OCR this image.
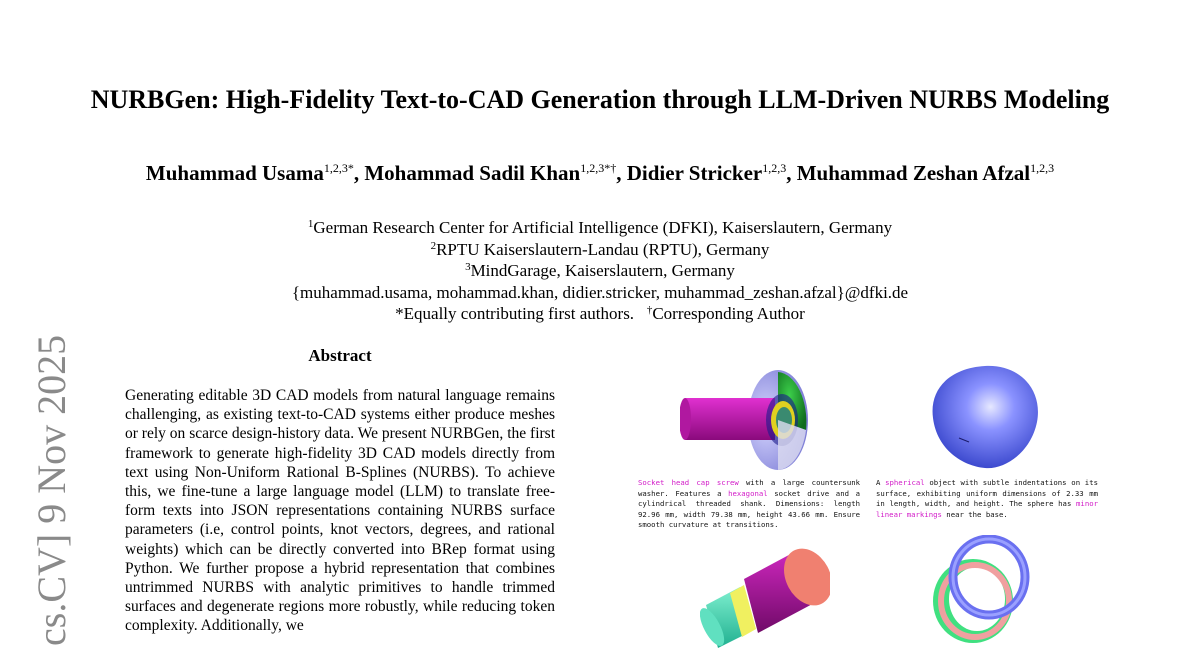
cs.CV] 9 Nov 2025
NURBGen: High-Fidelity Text-to-CAD Generation through LLM-Driven NURBS Modeling
Muhammad Usama$^{1,2,3*}$, Mohammad Sadil Khan$^{1,2,3*\dagger}$, Didier Stricker$^{1,2,3}$, Muhammad Zeshan Afzal$^{1,2,3}$
$^1$German Research Center for Artificial Intelligence (DFKI), Kaiserslautern, Germany
$^2$RPTU Kaiserslautern-Landau (RPTU), Germany
$^3$MindGarage, Kaiserslautern, Germany
{muhammad.usama, mohammad.khan, didier.stricker, muhammad_zeshan.afzal}@dfki.de
*Equally contributing first authors. †Corresponding Author
Abstract
Generating editable 3D CAD models from natural language remains challenging, as existing text-to-CAD systems either produce meshes or rely on scarce design-history data. We present NURBGen, the first framework to generate high-fidelity 3D CAD models directly from text using Non-Uniform Rational B-Splines (NURBS). To achieve this, we fine-tune a large language model (LLM) to translate free-form texts into JSON representations containing NURBS surface parameters (i.e, control points, knot vectors, degrees, and rational weights) which can be directly converted into BRep format using Python. We further propose a hybrid representation that combines untrimmed NURBS with analytic primitives to handle trimmed surfaces and degenerate regions more robustly, while reducing token complexity. Additionally, we
Socket head cap screw with a large countersunk washer. Features a hexagonal socket drive and a cylindrical threaded shank. Dimensions: length 92.96 mm, width 79.38 mm, height 43.66 mm. Ensure smooth curvature at transitions.
A spherical object with subtle indentations on its surface, exhibiting uniform dimensions of 2.33 mm in length, width, and height. The sphere has minor linear markings near the base.
